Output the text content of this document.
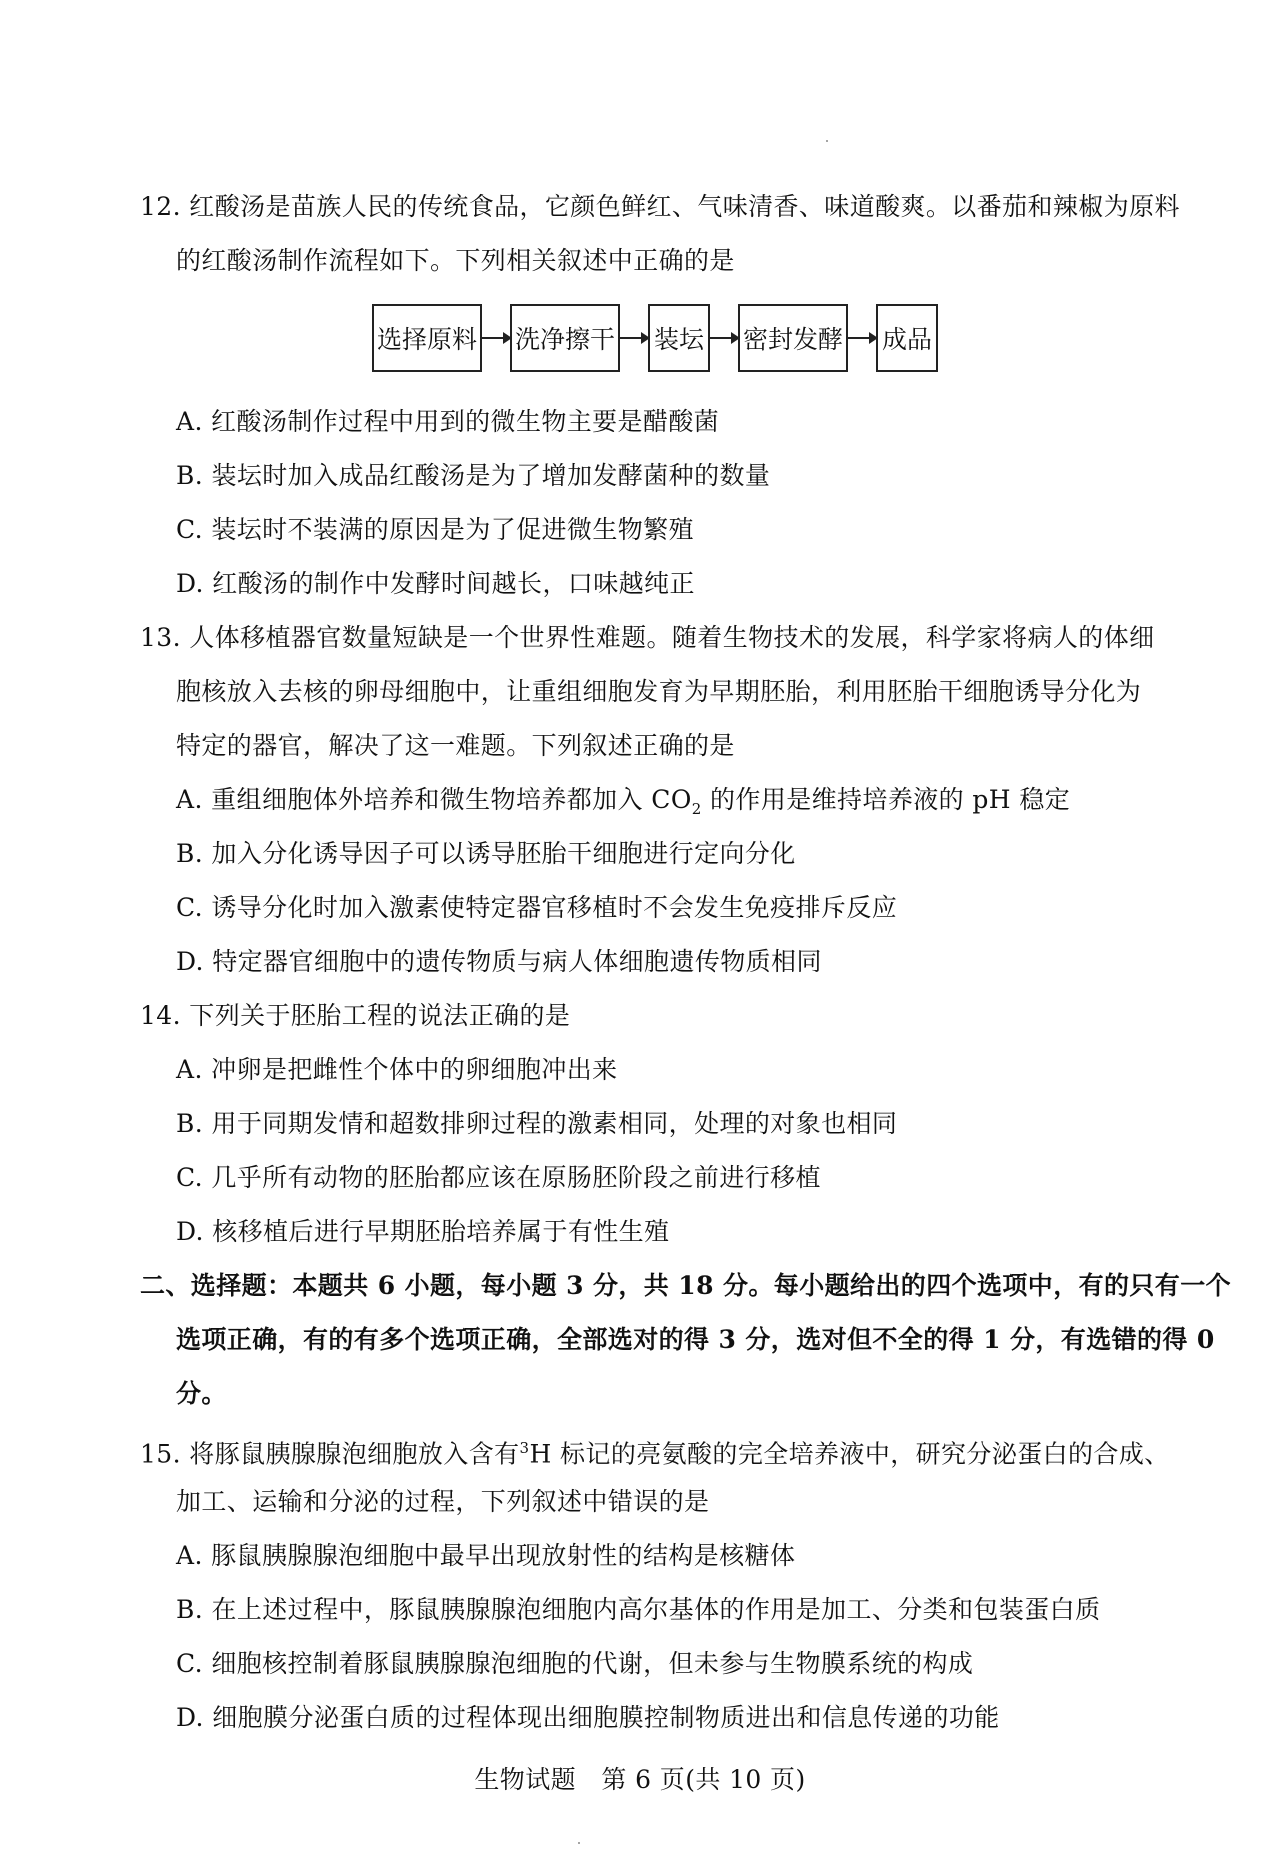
12. 红酸汤是苗族人民的传统食品，它颜色鲜红、气味清香、味道酸爽。以番茄和辣椒为原料
的红酸汤制作流程如下。下列相关叙述中正确的是
选择原料 洗净擦干 装坛 密封发酵 成品
A. 红酸汤制作过程中用到的微生物主要是醋酸菌
B. 装坛时加入成品红酸汤是为了增加发酵菌种的数量
C. 装坛时不装满的原因是为了促进微生物繁殖
D. 红酸汤的制作中发酵时间越长，口味越纯正
13. 人体移植器官数量短缺是一个世界性难题。随着生物技术的发展，科学家将病人的体细
胞核放入去核的卵母细胞中，让重组细胞发育为早期胚胎，利用胚胎干细胞诱导分化为
特定的器官，解决了这一难题。下列叙述正确的是
A. 重组细胞体外培养和微生物培养都加入 $CO_2$ 的作用是维持培养液的 pH 稳定
B. 加入分化诱导因子可以诱导胚胎干细胞进行定向分化
C. 诱导分化时加入激素使特定器官移植时不会发生免疫排斥反应
D. 特定器官细胞中的遗传物质与病人体细胞遗传物质相同
14. 下列关于胚胎工程的说法正确的是
A. 冲卵是把雌性个体中的卵细胞冲出来
B. 用于同期发情和超数排卵过程的激素相同，处理的对象也相同
C. 几乎所有动物的胚胎都应该在原肠胚阶段之前进行移植
D. 核移植后进行早期胚胎培养属于有性生殖
二、选择题：本题共 6 小题，每小题 3 分，共 18 分。每小题给出的四个选项中，有的只有一个
选项正确，有的有多个选项正确，全部选对的得 3 分，选对但不全的得 1 分，有选错的得 0
分。
15. 将豚鼠胰腺腺泡细胞放入含有$^3$H 标记的亮氨酸的完全培养液中，研究分泌蛋白的合成、
加工、运输和分泌的过程，下列叙述中错误的是
A. 豚鼠胰腺腺泡细胞中最早出现放射性的结构是核糖体
B. 在上述过程中，豚鼠胰腺腺泡细胞内高尔基体的作用是加工、分类和包装蛋白质
C. 细胞核控制着豚鼠胰腺腺泡细胞的代谢，但未参与生物膜系统的构成
D. 细胞膜分泌蛋白质的过程体现出细胞膜控制物质进出和信息传递的功能
生物试题　第 6 页(共 10 页)
